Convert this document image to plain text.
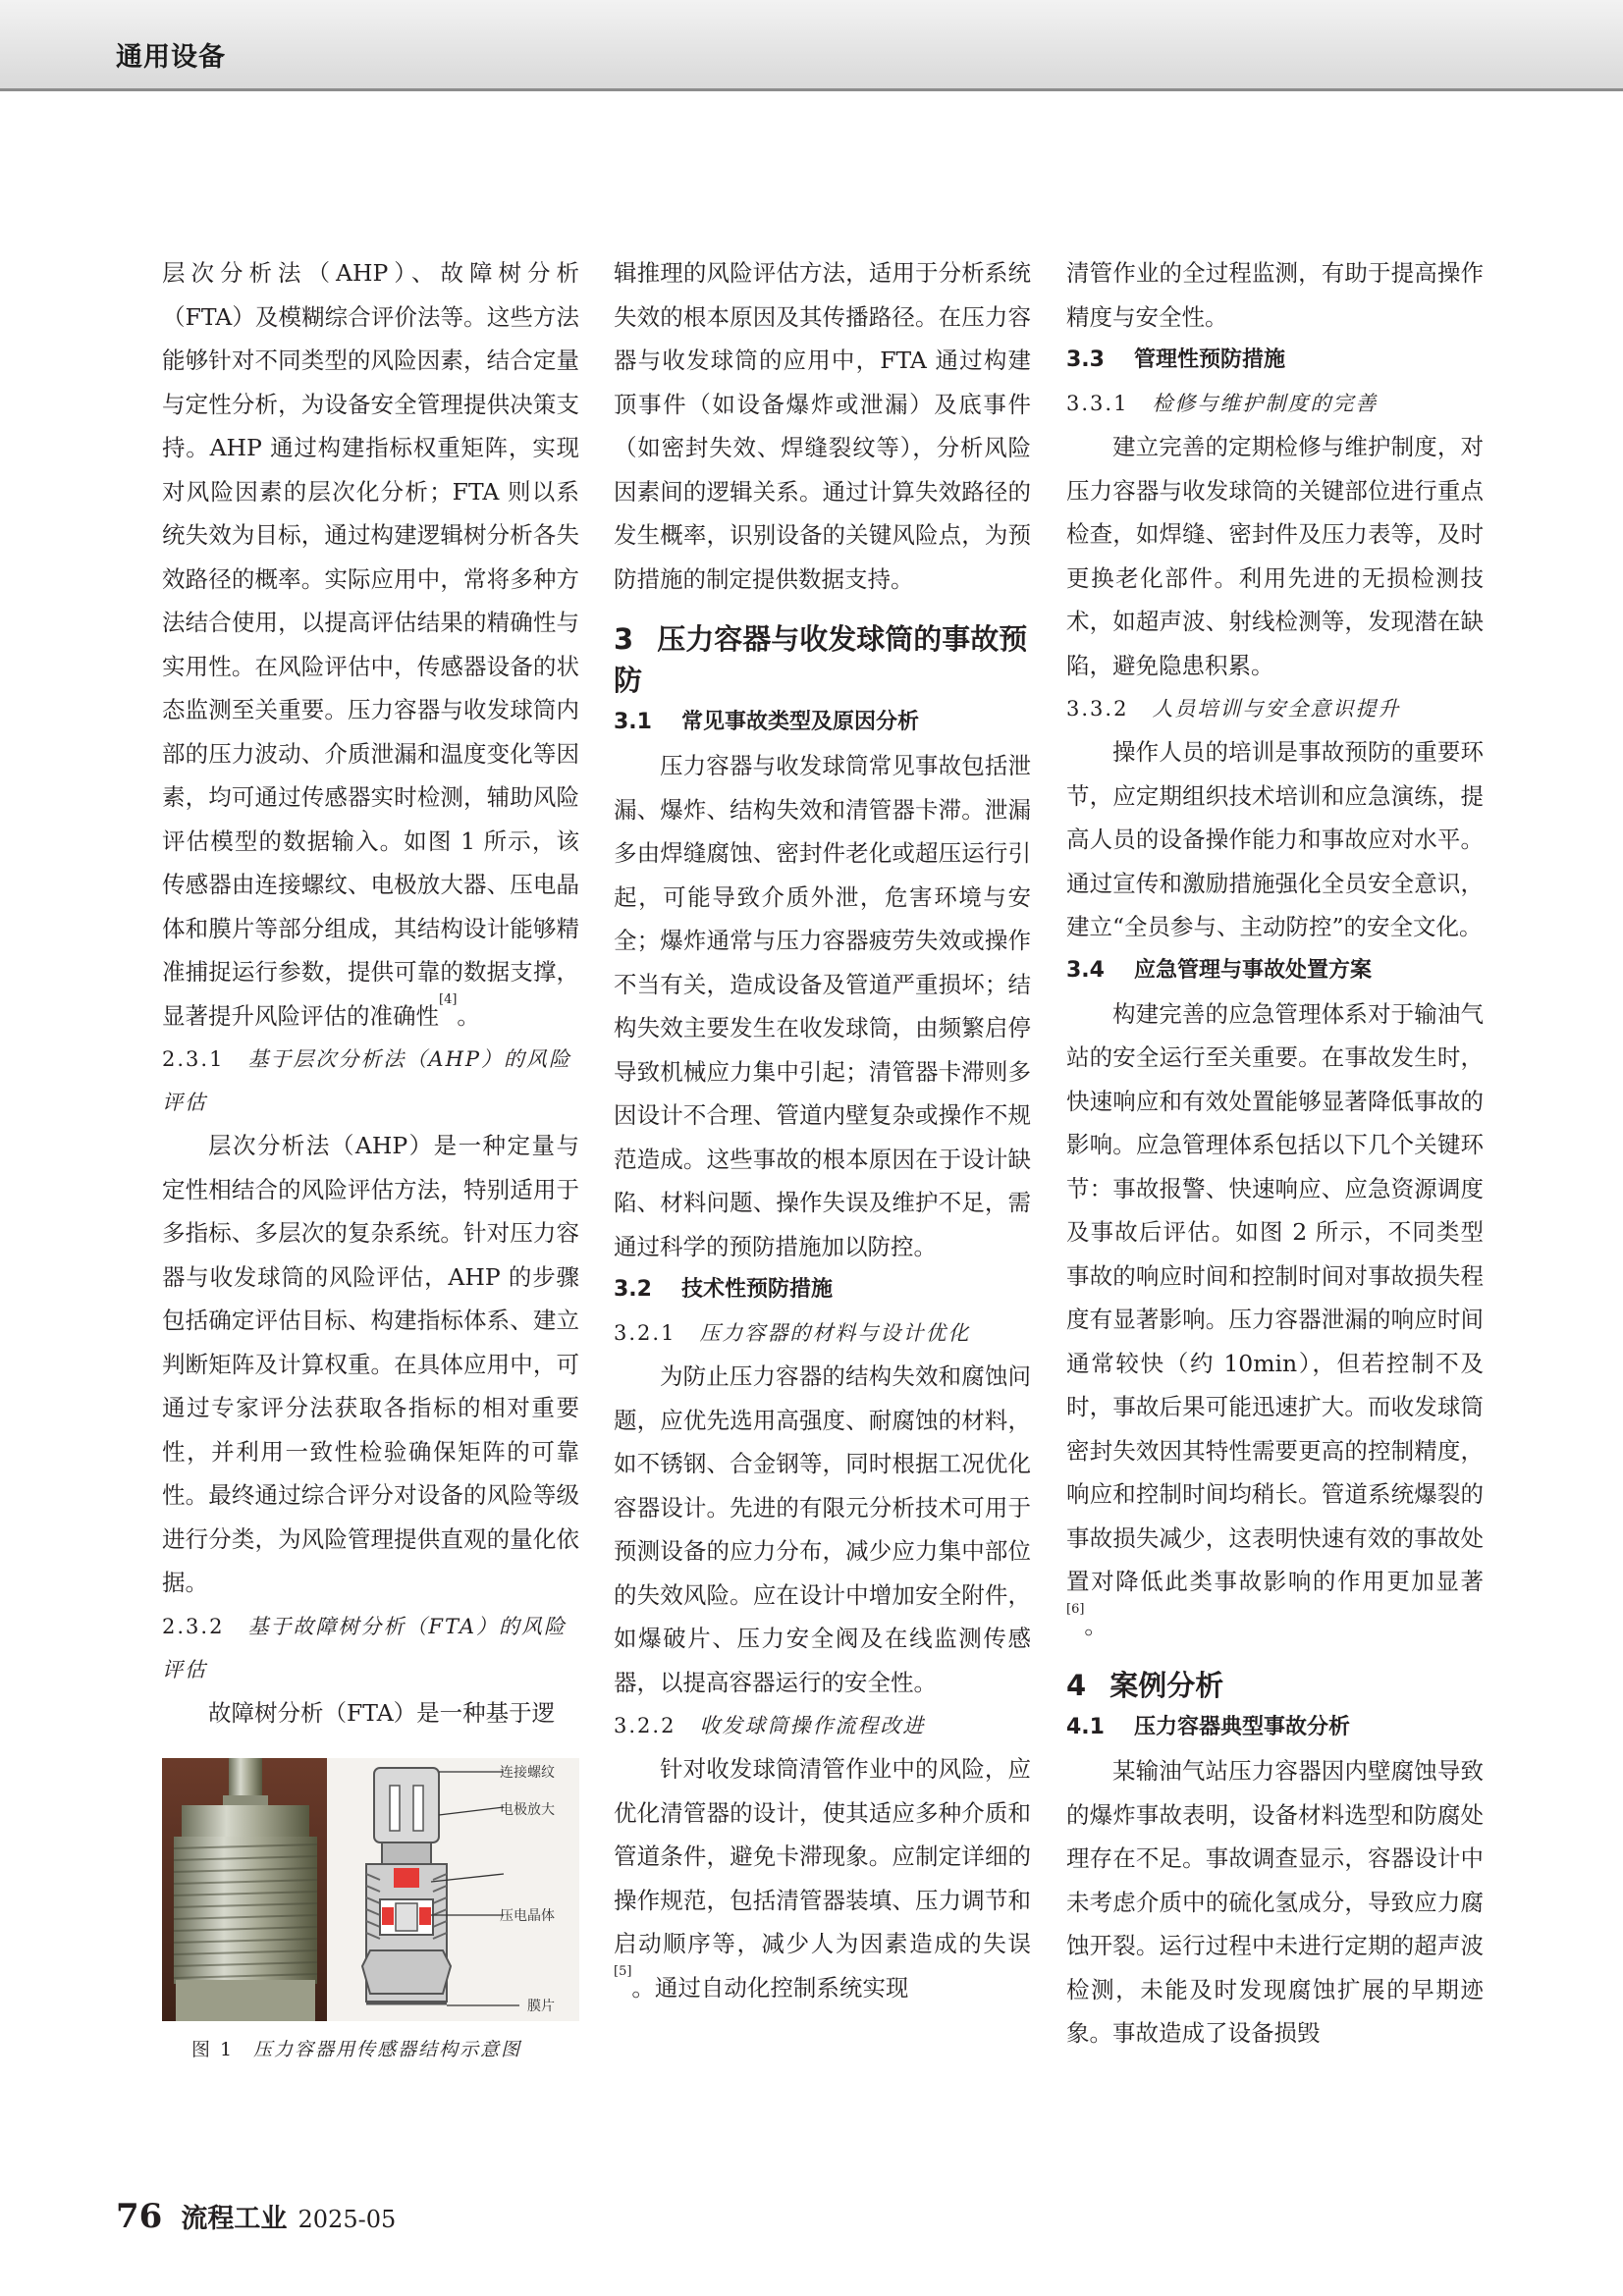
通用设备

层次分析法（AHP）、故障树分析（FTA）及模糊综合评价法等。这些方法能够针对不同类型的风险因素，结合定量与定性分析，为设备安全管理提供决策支持。AHP 通过构建指标权重矩阵，实现对风险因素的层次化分析；FTA 则以系统失效为目标，通过构建逻辑树分析各失效路径的概率。实际应用中，常将多种方法结合使用，以提高评估结果的精确性与实用性。在风险评估中，传感器设备的状态监测至关重要。压力容器与收发球筒内部的压力波动、介质泄漏和温度变化等因素，均可通过传感器实时检测，辅助风险评估模型的数据输入。如图 1 所示，该传感器由连接螺纹、电极放大器、压电晶体和膜片等部分组成，其结构设计能够精准捕捉运行参数，提供可靠的数据支撑，显著提升风险评估的准确性[4]。

2.3.1 基于层次分析法（AHP）的风险评估

层次分析法（AHP）是一种定量与定性相结合的风险评估方法，特别适用于多指标、多层次的复杂系统。针对压力容器与收发球筒的风险评估，AHP 的步骤包括确定评估目标、构建指标体系、建立判断矩阵及计算权重。在具体应用中，可通过专家评分法获取各指标的相对重要性，并利用一致性检验确保矩阵的可靠性。最终通过综合评分对设备的风险等级进行分类，为风险管理提供直观的量化依据。

2.3.2 基于故障树分析（FTA）的风险评估

故障树分析（FTA）是一种基于逻

连接螺纹
电极放大
压电晶体
膜片
图 1 压力容器用传感器结构示意图

辑推理的风险评估方法，适用于分析系统失效的根本原因及其传播路径。在压力容器与收发球筒的应用中，FTA 通过构建顶事件（如设备爆炸或泄漏）及底事件（如密封失效、焊缝裂纹等），分析风险因素间的逻辑关系。通过计算失效路径的发生概率，识别设备的关键风险点，为预防措施的制定提供数据支持。

3 压力容器与收发球筒的事故预防
3.1 常见事故类型及原因分析

压力容器与收发球筒常见事故包括泄漏、爆炸、结构失效和清管器卡滞。泄漏多由焊缝腐蚀、密封件老化或超压运行引起，可能导致介质外泄，危害环境与安全；爆炸通常与压力容器疲劳失效或操作不当有关，造成设备及管道严重损坏；结构失效主要发生在收发球筒，由频繁启停导致机械应力集中引起；清管器卡滞则多因设计不合理、管道内壁复杂或操作不规范造成。这些事故的根本原因在于设计缺陷、材料问题、操作失误及维护不足，需通过科学的预防措施加以防控。

3.2 技术性预防措施
3.2.1 压力容器的材料与设计优化

为防止压力容器的结构失效和腐蚀问题，应优先选用高强度、耐腐蚀的材料，如不锈钢、合金钢等，同时根据工况优化容器设计。先进的有限元分析技术可用于预测设备的应力分布，减少应力集中部位的失效风险。应在设计中增加安全附件，如爆破片、压力安全阀及在线监测传感器，以提高容器运行的安全性。

3.2.2 收发球筒操作流程改进

针对收发球筒清管作业中的风险，应优化清管器的设计，使其适应多种介质和管道条件，避免卡滞现象。应制定详细的操作规范，包括清管器装填、压力调节和启动顺序等，减少人为因素造成的失误[5]。通过自动化控制系统实现

清管作业的全过程监测，有助于提高操作精度与安全性。

3.3 管理性预防措施
3.3.1 检修与维护制度的完善

建立完善的定期检修与维护制度，对压力容器与收发球筒的关键部位进行重点检查，如焊缝、密封件及压力表等，及时更换老化部件。利用先进的无损检测技术，如超声波、射线检测等，发现潜在缺陷，避免隐患积累。

3.3.2 人员培训与安全意识提升

操作人员的培训是事故预防的重要环节，应定期组织技术培训和应急演练，提高人员的设备操作能力和事故应对水平。通过宣传和激励措施强化全员安全意识，建立“全员参与、主动防控”的安全文化。

3.4 应急管理与事故处置方案

构建完善的应急管理体系对于输油气站的安全运行至关重要。在事故发生时，快速响应和有效处置能够显著降低事故的影响。应急管理体系包括以下几个关键环节：事故报警、快速响应、应急资源调度及事故后评估。如图 2 所示，不同类型事故的响应时间和控制时间对事故损失程度有显著影响。压力容器泄漏的响应时间通常较快（约 10min），但若控制不及时，事故后果可能迅速扩大。而收发球筒密封失效因其特性需要更高的控制精度，响应和控制时间均稍长。管道系统爆裂的事故损失减少，这表明快速有效的事故处置对降低此类事故影响的作用更加显著[6]。

4 案例分析
4.1 压力容器典型事故分析

某输油气站压力容器因内壁腐蚀导致的爆炸事故表明，设备材料选型和防腐处理存在不足。事故调查显示，容器设计中未考虑介质中的硫化氢成分，导致应力腐蚀开裂。运行过程中未进行定期的超声波检测，未能及时发现腐蚀扩展的早期迹象。事故造成了设备损毁

76 流程工业 2025-05
